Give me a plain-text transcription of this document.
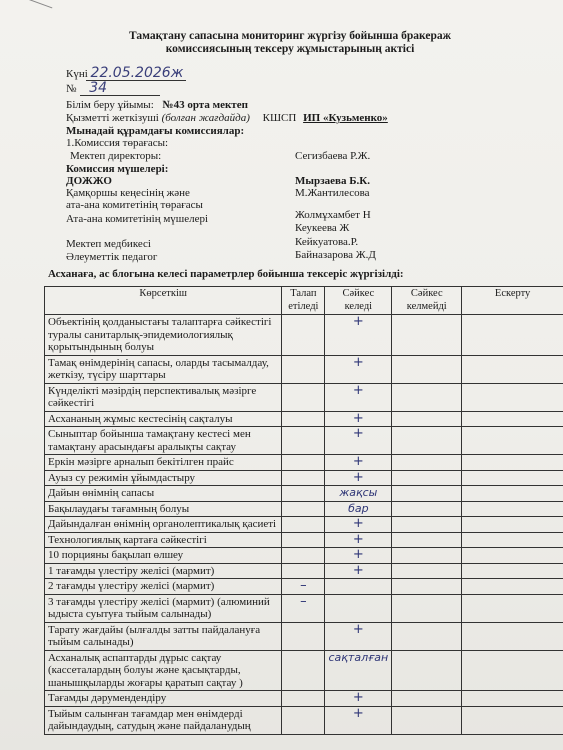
Тамақтану сапасына мониторинг жүргізу бойынша бракераж
комиссиясының тексеру жұмыстарының актісі
Күні 22.05.2026ж
№ 34
Білім беру ұйымы: №43 орта мектеп
Қызметті жеткізуші (болған жағдайда) КШСП ИП «Кузьменко»
Мынадай құрамдағы комиссиялар:
1.Комиссия төрағасы:
Мектеп директоры:	Сегизбаева Р.Ж.
Комиссия мүшелері:
ДОЖЖО	Мырзаева Б.К.
Қамқоршы кеңесінің және	М.Жантилесова
ата-ана комитетінің төрағасы
Ата-ана комитетінің мүшелері	Жолмұхамбет Н
Кеукеева Ж
Мектеп медбикесі	Кейкуатова.Р.
Әлеуметтік педагог	Байназарова Ж.Д
Асханаға, ас блогына келесі параметрлер бойынша тексеріс жүргізілді:
Көрсеткіш	Талап етіледі	Сәйкес келеді	Сәйкес келмейді	Ескерту
Объектінің қолданыстағы талаптарға сәйкестігі туралы санитарлық-эпидемиологиялық қорытындының болуы		+		
Тамақ өнімдерінің сапасы, оларды тасымалдау, жеткізу, түсіру шарттары		+		
Күнделікті мәзірдің перспективалық мәзірге сәйкестігі		+		
Асхананың жұмыс кестесінің сақталуы		+		
Сыныптар бойынша тамақтану кестесі мен тамақтану арасындағы аралықты сақтау		+		
Еркін мәзірге арналып бекітілген прайс		+		
Ауыз су режимін ұйымдастыру		+		
Дайын өнімнің сапасы		жақсы		
Бақылаудағы тағамның болуы		бар		
Дайындалған өнімнің органолептикалық қасиеті		+		
Технологиялық картаға сәйкестігі		+		
10 порцияны бақылап өлшеу		+		
1 тағамды үлестіру желісі (мармит)		+		
2 тағамды үлестіру желісі (мармит)	–			
3 тағамды үлестіру желісі (мармит) (алюминий ыдыста суытуға тыйым салынады)	–			
Тарату жағдайы (ылғалды затты пайдалануға тыйым салынады)		+		
Асханалық аспаптарды дұрыс сақтау (кассеталардың болуы және қасықтарды, шанышқыларды жоғары қаратып сақтау )		сақталған		
Тағамды дәрумендендіру		+		
Тыйым салынған тағамдар мен өнімдерді дайындаудың, сатудың және пайдаланудың		+		
